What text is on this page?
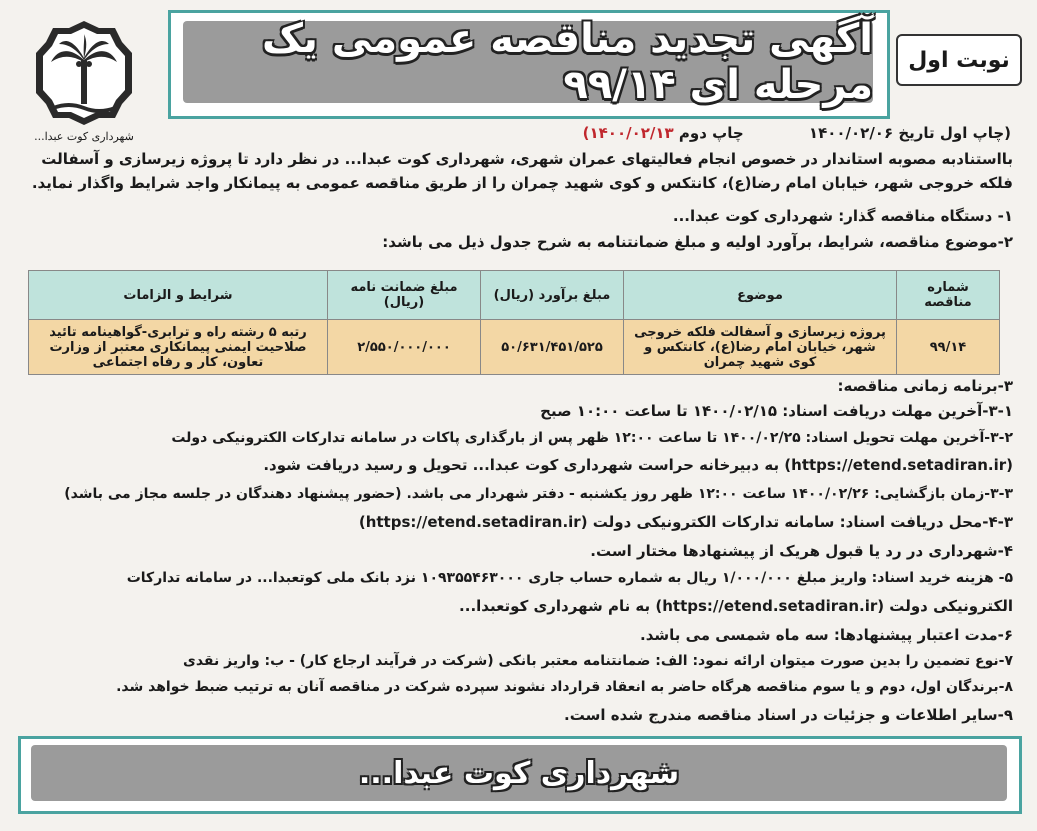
شهرداری کوت عبدا...
آگهی تجدید مناقصه عمومی یک مرحله ای ۹۹/۱۴
نوبت اول
(چاپ اول تاریخ ۱۴۰۰/۰۲/۰۶ چاپ دوم ۱۴۰۰/۰۲/۱۳)
بااستنادبه مصوبه استاندار در خصوص انجام فعالیتهای عمران شهری، شهرداری کوت عبدا... در نظر دارد تا پروژه زیرسازی و آسفالت
فلکه خروجی شهر، خیابان امام رضا(ع)، کانتکس و کوی شهید چمران را از طریق مناقصه عمومی به پیمانکار واجد شرایط واگذار نماید.
۱- دستگاه مناقصه گذار: شهرداری کوت عبدا...
۲-موضوع مناقصه، شرایط، برآورد اولیه و مبلغ ضمانتنامه به شرح جدول ذیل می باشد:
شماره مناقصه	موضوع	مبلغ برآورد (ریال)	مبلغ ضمانت نامه (ریال)	شرایط و الزامات
۹۹/۱۴	پروژه زیرسازی و آسفالت فلکه خروجی شهر، خیابان امام رضا(ع)، کانتکس و کوی شهید چمران	۵۰/۶۳۱/۴۵۱/۵۲۵	۲/۵۵۰/۰۰۰/۰۰۰	رتبه ۵ رشته راه و ترابری-گواهینامه تائید صلاحیت ایمنی پیمانکاری معتبر از وزارت تعاون، کار و رفاه اجتماعی
۳-برنامه زمانی مناقصه:
۳-۱-آخرین مهلت دریافت اسناد: ۱۴۰۰/۰۲/۱۵ تا ساعت ۱۰:۰۰ صبح
۳-۲-آخرین مهلت تحویل اسناد: ۱۴۰۰/۰۲/۲۵ تا ساعت ۱۲:۰۰ ظهر پس از بارگذاری پاکات در سامانه تدارکات الکترونیکی دولت
(https://etend.setadiran.ir) به دبیرخانه حراست شهرداری کوت عبدا... تحویل و رسید دریافت شود.
۳-۳-زمان بازگشایی: ۱۴۰۰/۰۲/۲۶ ساعت ۱۲:۰۰ ظهر روز یکشنبه - دفتر شهردار می باشد. (حضور پیشنهاد دهندگان در جلسه مجاز می باشد)
۴-۳-محل دریافت اسناد: سامانه تدارکات الکترونیکی دولت (https://etend.setadiran.ir)
۴-شهرداری در رد یا قبول هریک از پیشنهادها مختار است.
۵- هزینه خرید اسناد: واریز مبلغ ۱/۰۰۰/۰۰۰ ریال به شماره حساب جاری ۱۰۹۳۵۵۴۶۳۰۰۰ نزد بانک ملی کوتعبدا... در سامانه تدارکات
الکترونیکی دولت (https://etend.setadiran.ir) به نام شهرداری کوتعبدا...
۶-مدت اعتبار پیشنهادها: سه ماه شمسی می باشد.
۷-نوع تضمین را بدین صورت میتوان ارائه نمود: الف: ضمانتنامه معتبر بانکی (شرکت در فرآیند ارجاع کار) - ب: واریز نقدی
۸-برندگان اول، دوم و یا سوم مناقصه هرگاه حاضر به انعقاد قرارداد نشوند سپرده شرکت در مناقصه آنان به ترتیب ضبط خواهد شد.
۹-سایر اطلاعات و جزئیات در اسناد مناقصه مندرج شده است.
شهرداری کوت عبدا...
